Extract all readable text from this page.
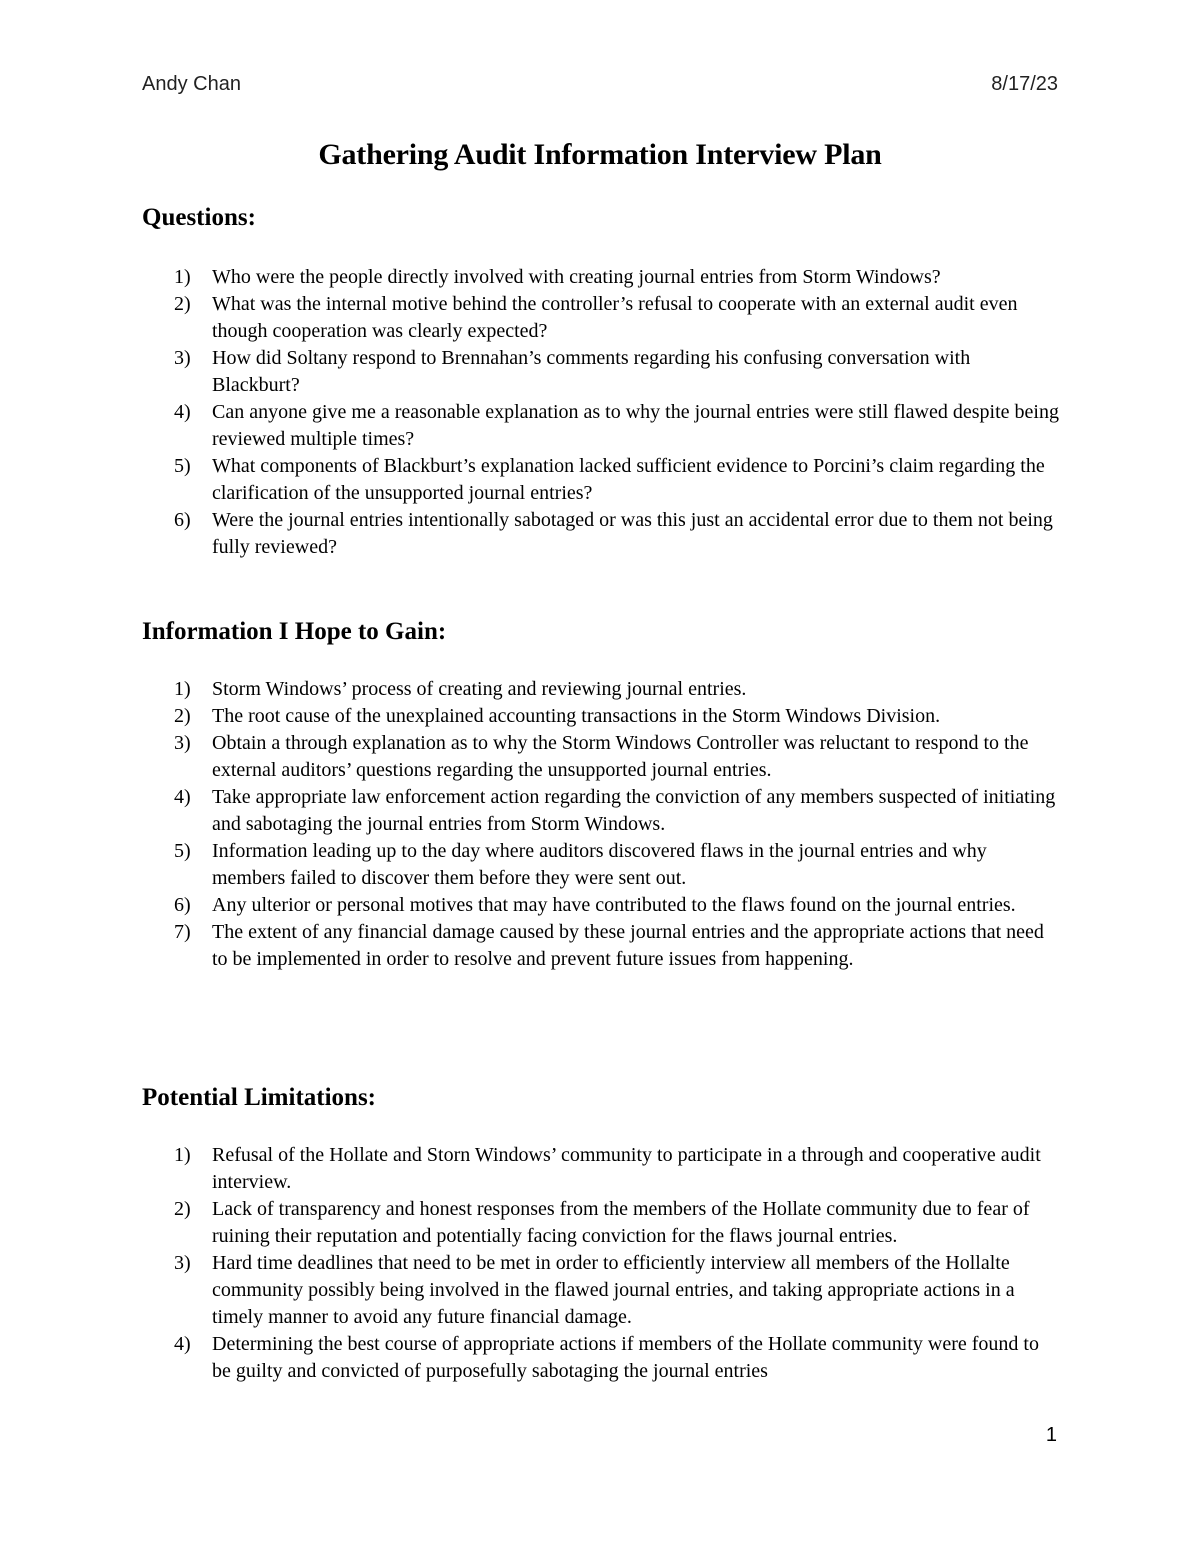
Andy Chan	8/17/23
Gathering Audit Information Interview Plan
Questions:
1) Who were the people directly involved with creating journal entries from Storm Windows?
2) What was the internal motive behind the controller’s refusal to cooperate with an external audit even though cooperation was clearly expected?
3) How did Soltany respond to Brennahan’s comments regarding his confusing conversation with Blackburt?
4) Can anyone give me a reasonable explanation as to why the journal entries were still flawed despite being reviewed multiple times?
5) What components of Blackburt’s explanation lacked sufficient evidence to Porcini’s claim regarding the clarification of the unsupported journal entries?
6) Were the journal entries intentionally sabotaged or was this just an accidental error due to them not being fully reviewed?
Information I Hope to Gain:
1) Storm Windows’ process of creating and reviewing journal entries.
2) The root cause of the unexplained accounting transactions in the Storm Windows Division.
3) Obtain a through explanation as to why the Storm Windows Controller was reluctant to respond to the external auditors’ questions regarding the unsupported journal entries.
4) Take appropriate law enforcement action regarding the conviction of any members suspected of initiating and sabotaging the journal entries from Storm Windows.
5) Information leading up to the day where auditors discovered flaws in the journal entries and why members failed to discover them before they were sent out.
6) Any ulterior or personal motives that may have contributed to the flaws found on the journal entries.
7) The extent of any financial damage caused by these journal entries and the appropriate actions that need to be implemented in order to resolve and prevent future issues from happening.
Potential Limitations:
1) Refusal of the Hollate and Storn Windows’ community to participate in a through and cooperative audit interview.
2) Lack of transparency and honest responses from the members of the Hollate community due to fear of ruining their reputation and potentially facing conviction for the flaws journal entries.
3) Hard time deadlines that need to be met in order to efficiently interview all members of the Hollalte community possibly being involved in the flawed journal entries, and taking appropriate actions in a timely manner to avoid any future financial damage.
4) Determining the best course of appropriate actions if members of the Hollate community were found to be guilty and convicted of purposefully sabotaging the journal entries
1
